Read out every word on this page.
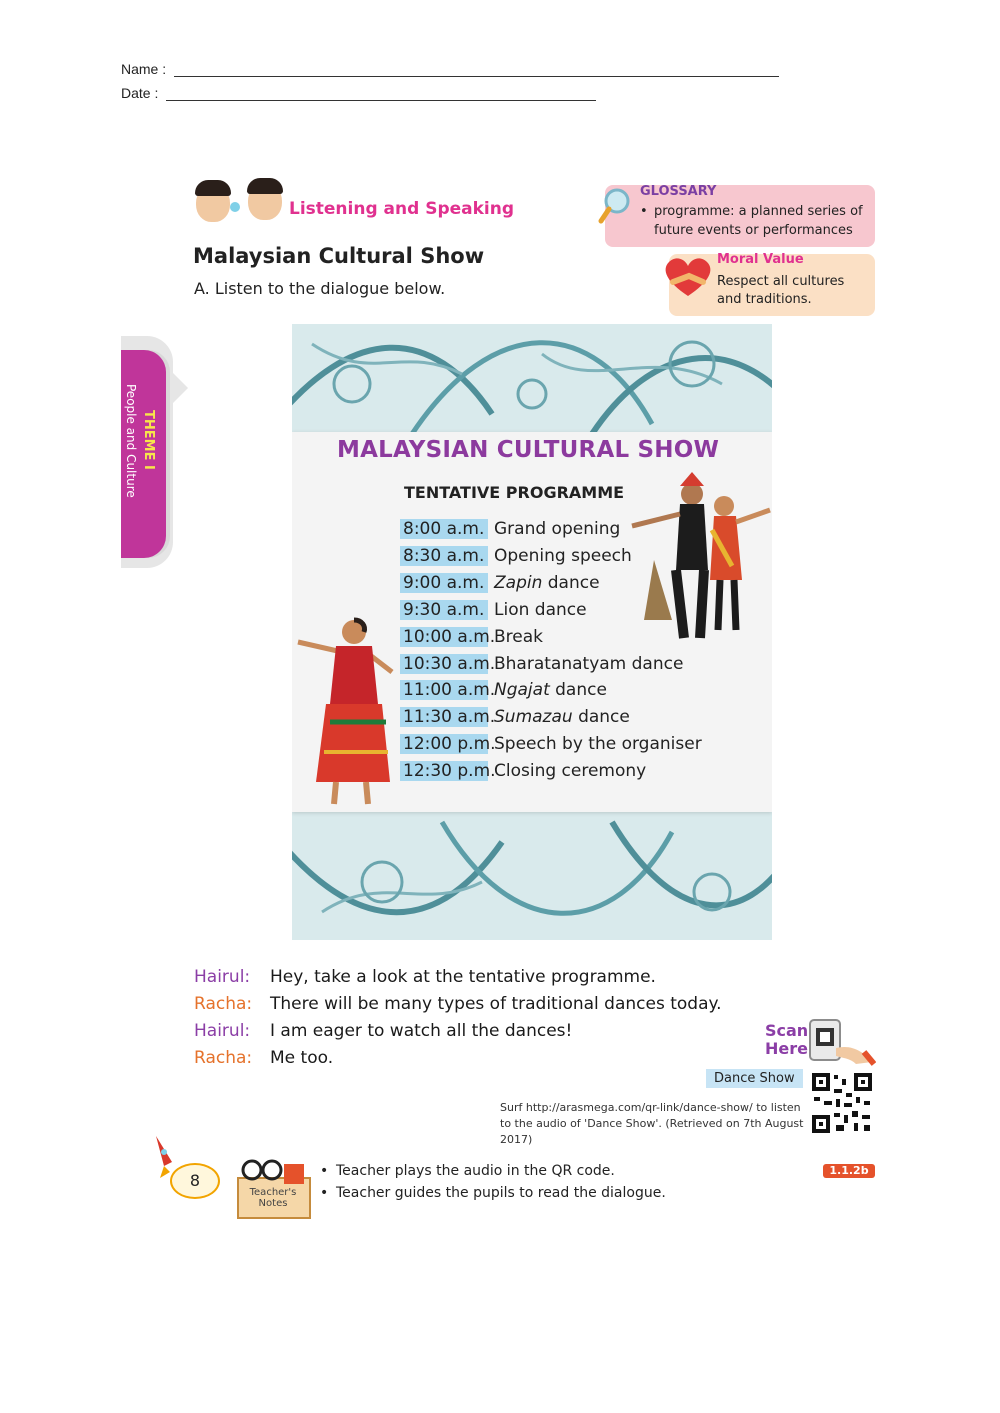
Name :
Date :
Listening and Speaking
Malaysian Cultural Show
A. Listen to the dialogue below.
GLOSSARY
• programme: a planned series of future events or performances
Moral Value
Respect all cultures and traditions.
THEME I
People and Culture	MALAYSIAN CULTURAL SHOW
TENTATIVE PROGRAMME
8:00 a.m. Grand opening
8:30 a.m. Opening speech
9:00 a.m. Zapin dance
9:30 a.m. Lion dance
10:00 a.m.Break
10:30 a.m.Bharatanatyam dance
11:00 a.m.Ngajat dance
11:30 a.m.Sumazau dance
12:00 p.m.Speech by the organiser
12:30 p.m.Closing ceremony
Hairul: Hey, take a look at the tentative programme.
Racha: There will be many types of traditional dances today.
Hairul: I am eager to watch all the dances!
Racha: Me too.
Scan
Here
Dance Show
Surf http://arasmega.com/qr-link/dance-show/ to listen to the audio of 'Dance Show'. (Retrieved on 7th August 2017)
8
Teacher's Notes
• Teacher plays the audio in the QR code.
• Teacher guides the pupils to read the dialogue.
1.1.2b
